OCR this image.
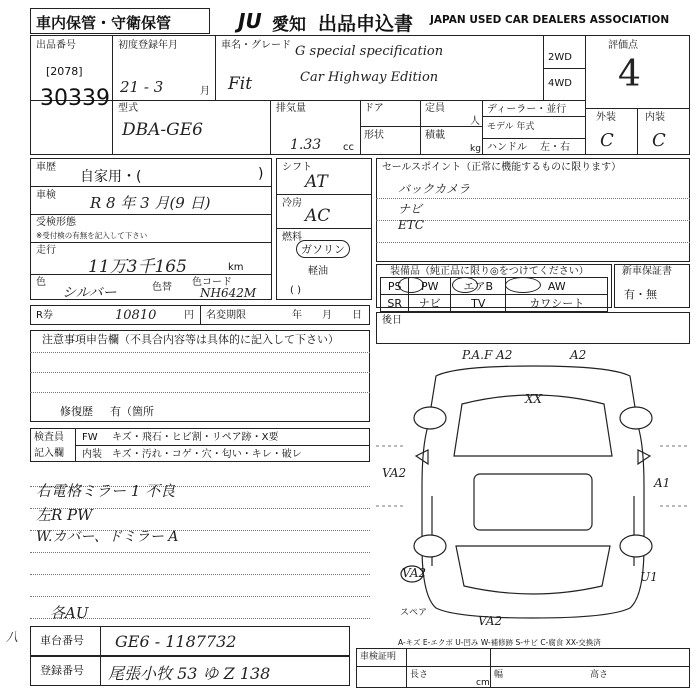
車内保管・守衛保管	JU 愛知 出品申込書 JAPAN USED CAR DEALERS ASSOCIATION
出品番号
[2078]
30339
初度登録年月
21 - 3	月
車名・グレード
Fit
G special specification
Car Highway Edition
2WD
4WD
評価点
4
外装	内装
C C
型式
DBA-GE6
排気量
1.33 cc
ドア
形状
定員
人
積載
kg
ディーラー・並行
モデル 年式
ハンドル 左・右
車歴
自家用・(	)
車検 R 8 年 3 月(9 日)
受検形態
※受付検の有無を記入して下さい
走行
11万3千165	km
色
シルバー	色替 色コード
NH642M
シフト
AT
冷房
AC
燃料
ガソリン
軽油
( )
セールスポイント（正常に機能するものに限ります）
バックカメラ
ナビ
ETC
装備品（純正品に限り◎をつけてください）
PS	PW	エアB	AW
SR	ナビ	TV	カワシート
新車保証書
有・無
R券	10810	円 名変期限	年 月 日 後日
注意事項申告欄（不具合内容等は具体的に記入して下さい）
修復歴 有（箇所
検査員
記入欄
FW キズ・飛石・ヒビ割・リペア跡・X要
内装 キズ・汚れ・コゲ・穴・匂い・キレ・破レ
右電格ミラー 1 不良
左R PW
W.カバー、ドミラー A
各AU
P.A.F A2	A2
XX
VA2
A1
VA2	U1
VA2
スペア
A-キズ E-エクボ U-凹み W-補修跡 S-サビ C-腐食 XX-交換済
八 車台番号 GE6 - 1187732
登録番号 尾張小牧 53 ゆ Z 138
車検証明
長さ
cm
幅	高さ
